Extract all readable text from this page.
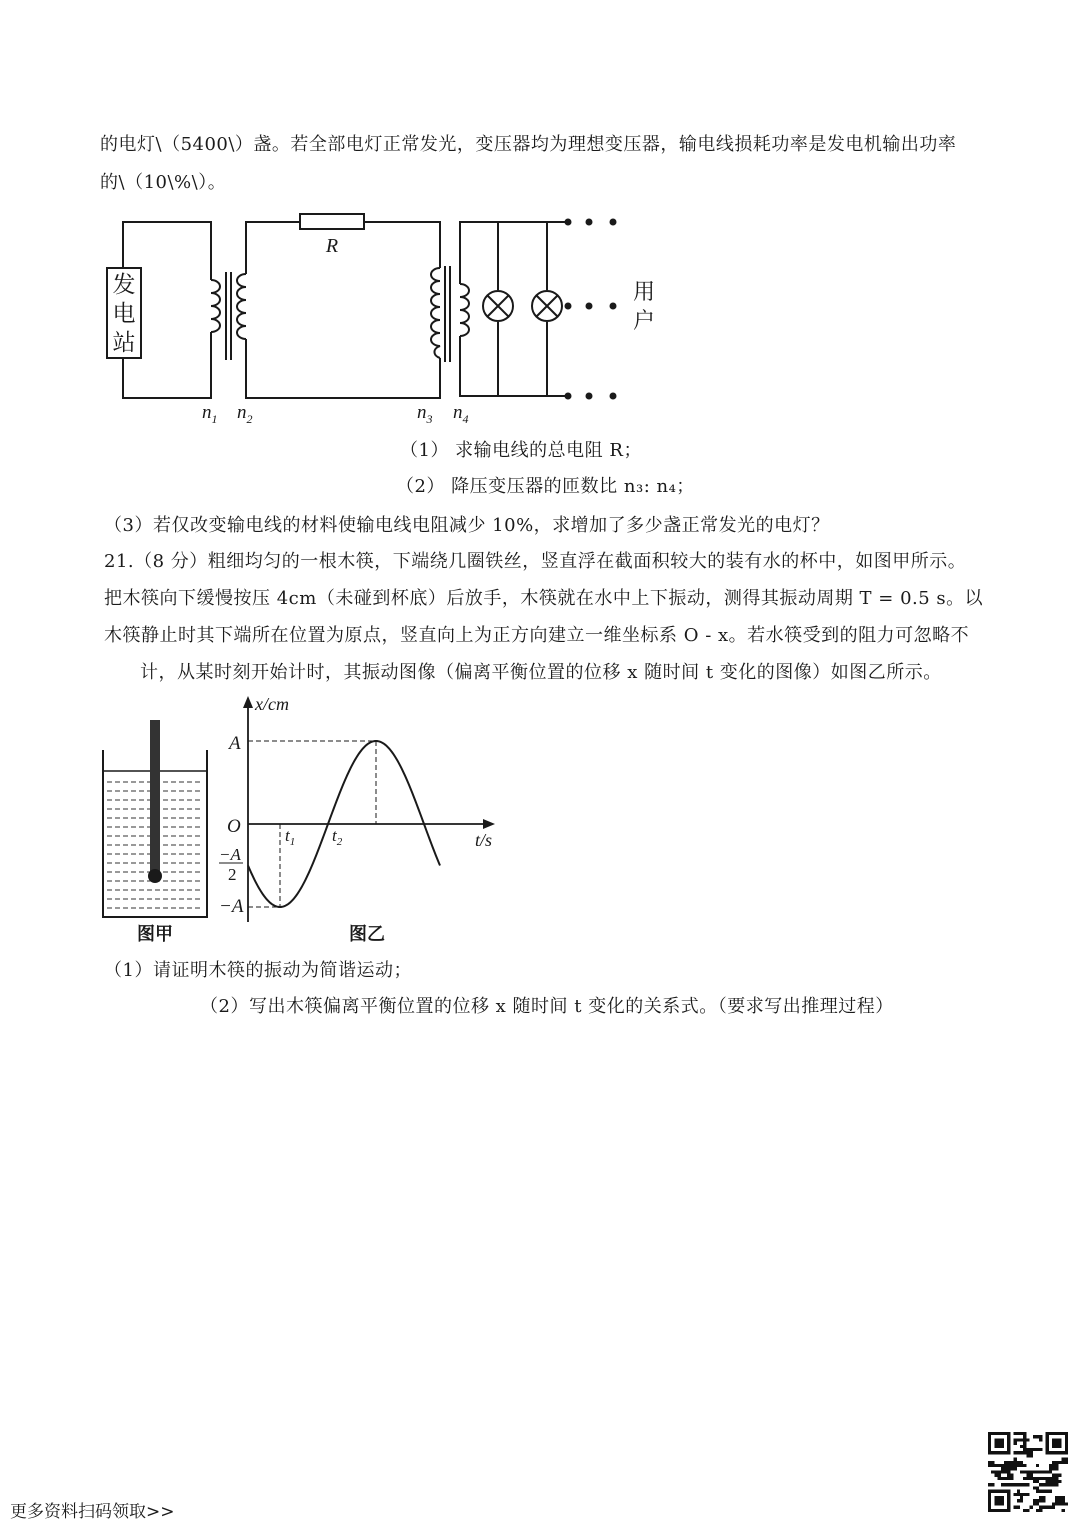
的电灯\（5400\）盏。若全部电灯正常发光，变压器均为理想变压器，输电线损耗功率是发电机输出功率
的\（10\%\）。
发
电
站
R
用
户
$n_1$ $n_2$	$n_3$ $n_4$
（1） 求输电线的总电阻 R；
（2） 降压变压器的匝数比 n₃: n₄；
（3）若仅改变输电线的材料使输电线电阻减少 10%，求增加了多少盏正常发光的电灯？
21.（8 分）粗细均匀的一根木筷，下端绕几圈铁丝，竖直浮在截面积较大的装有水的杯中，如图甲所示。
把木筷向下缓慢按压 4cm（未碰到杯底）后放手，木筷就在水中上下振动，测得其振动周期 T = 0.5 s。以
木筷静止时其下端所在位置为原点，竖直向上为正方向建立一维坐标系 O - x。若水筷受到的阻力可忽略不
计，从某时刻开始计时，其振动图像（偏离平衡位置的位移 x 随时间 t 变化的图像）如图乙所示。
图甲
x/cm
t/s
A
O
−A
2
−A
$t_1$ $t_2$
图乙
（1）请证明木筷的振动为简谐运动；
（2）写出木筷偏离平衡位置的位移 x 随时间 t 变化的关系式。（要求写出推理过程）
更多资料扫码领取>>
